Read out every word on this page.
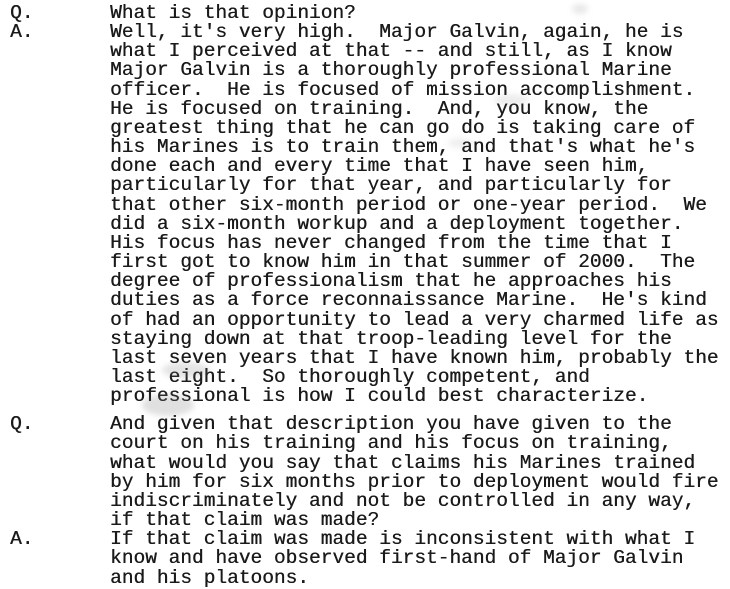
Q.	What is that opinion?
A.	Well, it's very high.  Major Galvin, again, he is
what I perceived at that -- and still, as I know
Major Galvin is a thoroughly professional Marine
officer.  He is focused of mission accomplishment.
He is focused on training.  And, you know, the
greatest thing that he can go do is taking care of
his Marines is to train them, and that's what he's
done each and every time that I have seen him,
particularly for that year, and particularly for
that other six-month period or one-year period.  We
did a six-month workup and a deployment together.
His focus has never changed from the time that I
first got to know him in that summer of 2000.  The
degree of professionalism that he approaches his
duties as a force reconnaissance Marine.  He's kind
of had an opportunity to lead a very charmed life as
staying down at that troop-leading level for the
last seven years that I have known him, probably the
last eight.  So thoroughly competent, and
professional is how I could best characterize.
Q.	And given that description you have given to the
court on his training and his focus on training,
what would you say that claims his Marines trained
by him for six months prior to deployment would fire
indiscriminately and not be controlled in any way,
if that claim was made?
A.	If that claim was made is inconsistent with what I
know and have observed first-hand of Major Galvin
and his platoons.
